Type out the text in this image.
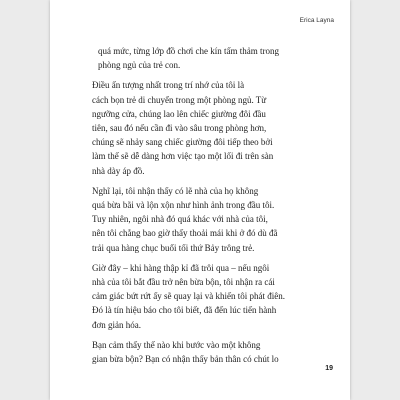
Erica Layna

quá mức, từng lớp đồ chơi che kín tấm thảm trong
phòng ngủ của trẻ con.

Điều ấn tượng nhất trong trí nhớ của tôi là
cách bọn trẻ di chuyển trong một phòng ngủ. Từ
ngưỡng cửa, chúng lao lên chiếc giường đôi đầu
tiên, sau đó nếu cần đi vào sâu trong phòng hơn,
chúng sẽ nhảy sang chiếc giường đôi tiếp theo bởi
làm thế sẽ dễ dàng hơn việc tạo một lối đi trên sàn
nhà dày áp đồ.

Nghĩ lại, tôi nhận thấy có lẽ nhà của họ không
quá bừa bãi và lộn xộn như hình ảnh trong đầu tôi.
Tuy nhiên, ngôi nhà đó quá khác với nhà của tôi,
nên tôi chẳng bao giờ thấy thoải mái khi ở đó dù đã
trải qua hàng chục buổi tối thứ Bảy trông trẻ.

Giờ đây – khi hàng thập kỉ đã trôi qua – nếu ngôi
nhà của tôi bắt đầu trở nên bừa bộn, tôi nhận ra cái
cảm giác bứt rứt ấy sẽ quay lại và khiến tôi phát điên.
Đó là tín hiệu báo cho tôi biết, đã đến lúc tiến hành
đơn giản hóa.

Bạn cảm thấy thế nào khi bước vào một không
gian bừa bộn? Bạn có nhận thấy bản thân có chút lo

19
